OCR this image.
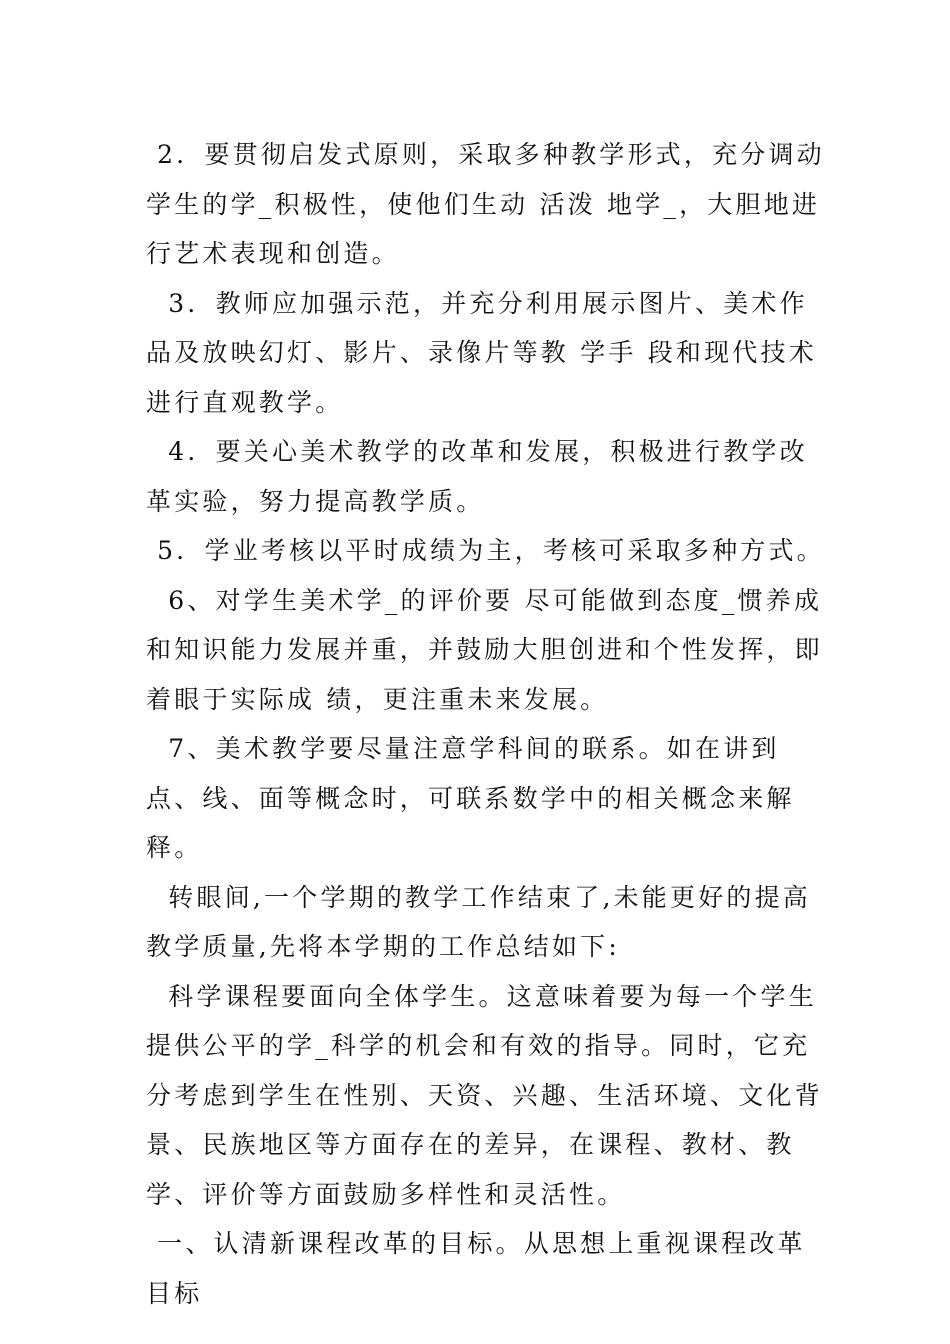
2．要贯彻启发式原则，采取多种教学形式，充分调动学生的学_积极性，使他们生动 活泼 地学_，大胆地进行艺术表现和创造。

3．教师应加强示范，并充分利用展示图片、美术作品及放映幻灯、影片、录像片等教 学手 段和现代技术进行直观教学。

4．要关心美术教学的改革和发展，积极进行教学改革实验，努力提高教学质。

5．学业考核以平时成绩为主，考核可采取多种方式。

6、对学生美术学_的评价要 尽可能做到态度_惯养成和知识能力发展并重，并鼓励大胆创进和个性发挥，即着眼于实际成 绩，更注重未来发展。

7、美术教学要尽量注意学科间的联系。如在讲到点、线、面等概念时，可联系数学中的相关概念来解释。

转眼间,一个学期的教学工作结束了,未能更好的提高教学质量,先将本学期的工作总结如下:

科学课程要面向全体学生。这意味着要为每一个学生提供公平的学_科学的机会和有效的指导。同时，它充分考虑到学生在性别、天资、兴趣、生活环境、文化背景、民族地区等方面存在的差异，在课程、教材、教学、评价等方面鼓励多样性和灵活性。

一、认清新课程改革的目标。从思想上重视课程改革目标
